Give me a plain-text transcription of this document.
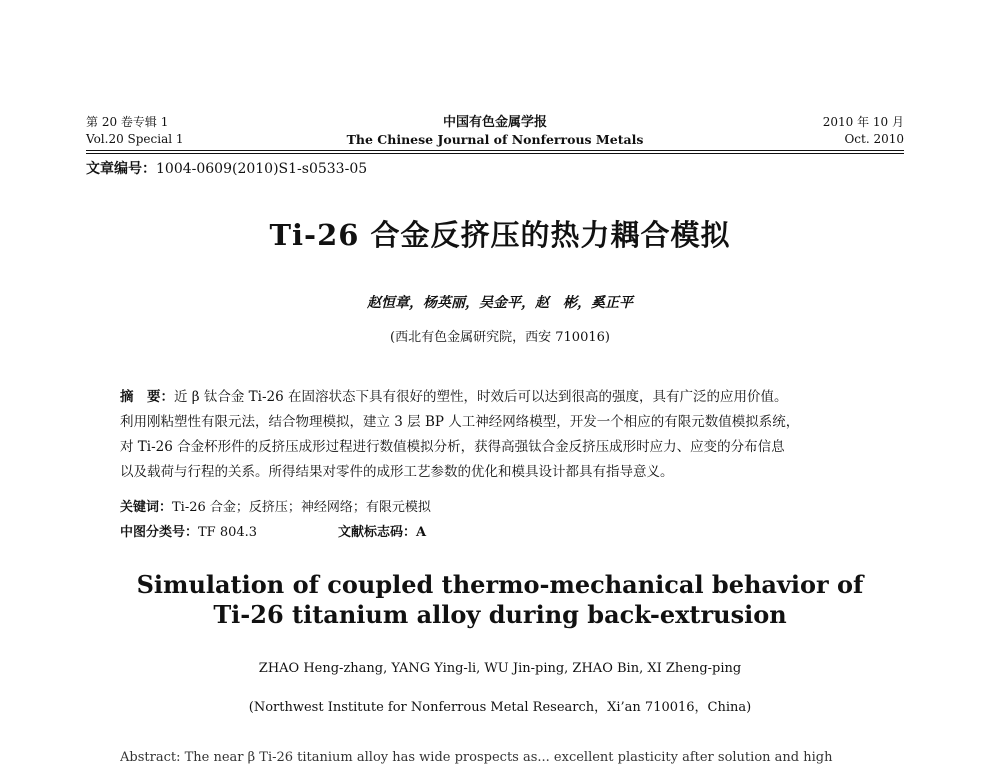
第 20 卷专辑 1
Vol.20 Special 1
中国有色金属学报
The Chinese Journal of Nonferrous Metals
2010 年 10 月
Oct. 2010
文章编号：1004-0609(2010)S1-s0533-05
Ti-26 合金反挤压的热力耦合模拟
赵恒章，杨英丽，吴金平，赵　彬，奚正平
(西北有色金属研究院，西安 710016)

摘　要：近 β 钛合金 Ti-26 在固溶状态下具有很好的塑性，时效后可以达到很高的强度，具有广泛的应用价值。

利用刚粘塑性有限元法，结合物理模拟，建立 3 层 BP 人工神经网络模型，开发一个相应的有限元数值模拟系统，

对 Ti-26 合金杯形件的反挤压成形过程进行数值模拟分析，获得高强钛合金反挤压成形时应力、应变的分布信息

以及载荷与行程的关系。所得结果对零件的成形工艺参数的优化和模具设计都具有指导意义。

关键词：Ti-26 合金；反挤压；神经网络；有限元模拟
中图分类号：TF 804.3	文献标志码：A
Simulation of coupled thermo-mechanical behavior of
Ti-26 titanium alloy during back-extrusion
ZHAO Heng-zhang, YANG Ying-li, WU Jin-ping, ZHAO Bin, XI Zheng-ping
(Northwest Institute for Nonferrous Metal Research，Xi’an 710016，China)
Abstract: The near β Ti-26 titanium alloy has wide prospects as... excellent plasticity after solution and high
